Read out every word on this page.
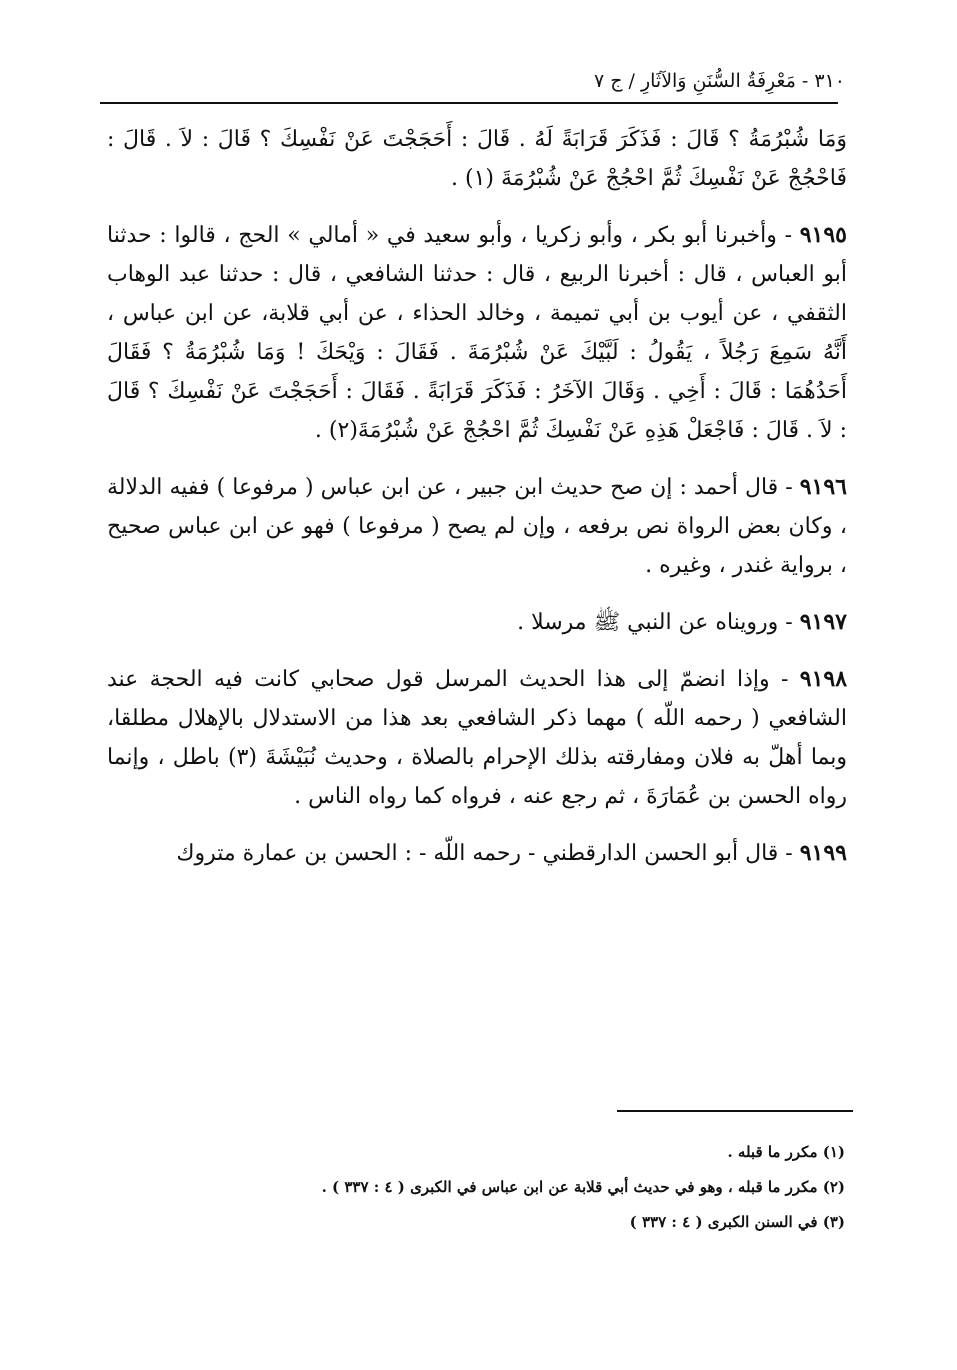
٣١٠ - مَعْرِفَةُ السُّنَنِ وَالآثَارِ / ج ٧

وَمَا شُبْرُمَةُ ؟ قَالَ : فَذَكَرَ قَرَابَةً لَهُ . قَالَ : أَحَجَجْتَ عَنْ نَفْسِكَ ؟ قَالَ : لاَ . قَالَ : فَاحْجُجْ عَنْ نَفْسِكَ ثُمَّ احْجُجْ عَنْ شُبْرُمَةَ (١) .

٩١٩٥ - وأخبرنا أبو بكر ، وأبو زكريا ، وأبو سعيد في « أمالي » الحج ، قالوا : حدثنا أبو العباس ، قال : أخبرنا الربيع ، قال : حدثنا الشافعي ، قال : حدثنا عبد الوهاب الثقفي ، عن أيوب بن أبي تميمة ، وخالد الحذاء ، عن أبي قلابة، عن ابن عباس ، أَنَّهُ سَمِعَ رَجُلاً ، يَقُولُ : لَبَّيْكَ عَنْ شُبْرُمَةَ . فَقَالَ : وَيْحَكَ ! وَمَا شُبْرُمَةُ ؟ فَقَالَ أَحَدُهُمَا : قَالَ : أَخِي . وَقَالَ الآخَرُ : فَذَكَرَ قَرَابَةً . فَقَالَ : أَحَجَجْتَ عَنْ نَفْسِكَ ؟ قَالَ : لاَ . قَالَ : فَاجْعَلْ هَذِهِ عَنْ نَفْسِكَ ثُمَّ احْجُجْ عَنْ شُبْرُمَةَ(٢) .

٩١٩٦ - قال أحمد : إن صح حديث ابن جبير ، عن ابن عباس ( مرفوعا ) ففيه الدلالة ، وكان بعض الرواة نص برفعه ، وإن لم يصح ( مرفوعا ) فهو عن ابن عباس صحيح ، برواية غندر ، وغيره .

٩١٩٧ - ورويناه عن النبي ﷺ مرسلا .

٩١٩٨ - وإذا انضمّ إلى هذا الحديث المرسل قول صحابي كانت فيه الحجة عند الشافعي ( رحمه اللّه ) مهما ذكر الشافعي بعد هذا من الاستدلال بالإهلال مطلقا، وبما أهلّ به فلان ومفارقته بذلك الإحرام بالصلاة ، وحديث نُبَيْشَةَ (٣) باطل ، وإنما رواه الحسن بن عُمَارَةَ ، ثم رجع عنه ، فرواه كما رواه الناس .

٩١٩٩ - قال أبو الحسن الدارقطني - رحمه اللّه - : الحسن بن عمارة متروك

(١) مكرر ما قبله .

(٢) مكرر ما قبله ، وهو في حديث أبي قلابة عن ابن عباس في الكبرى ( ٤ : ٣٣٧ ) .

(٣) في السنن الكبرى ( ٤ : ٣٣٧ )
